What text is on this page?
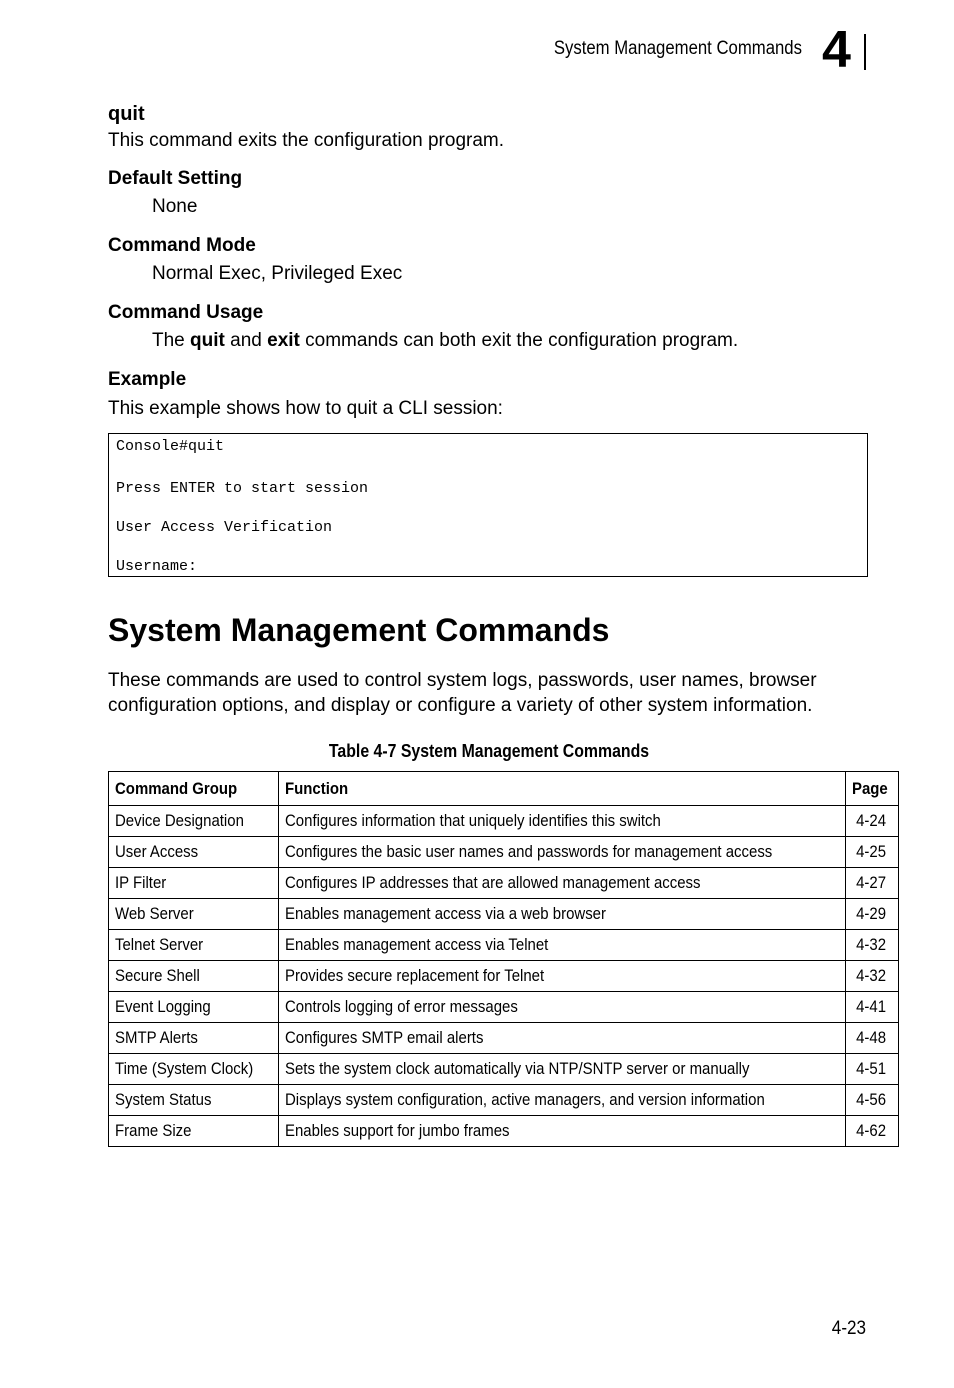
System Management Commands 4

quit

This command exits the configuration program.

Default Setting

None

Command Mode

Normal Exec, Privileged Exec

Command Usage

The quit and exit commands can both exit the configuration program.

Example

This example shows how to quit a CLI session:

Console#quit
Press ENTER to start session
User Access Verification
Username:
System Management Commands

These commands are used to control system logs, passwords, user names, browser configuration options, and display or configure a variety of other system information.

Table 4-7 System Management Commands

Command Group	Function	Page
Device Designation	Configures information that uniquely identifies this switch	4-24
User Access	Configures the basic user names and passwords for management access	4-25
IP Filter	Configures IP addresses that are allowed management access	4-27
Web Server	Enables management access via a web browser	4-29
Telnet Server	Enables management access via Telnet	4-32
Secure Shell	Provides secure replacement for Telnet	4-32
Event Logging	Controls logging of error messages	4-41
SMTP Alerts	Configures SMTP email alerts	4-48
Time (System Clock)	Sets the system clock automatically via NTP/SNTP server or manually	4-51
System Status	Displays system configuration, active managers, and version information	4-56
Frame Size	Enables support for jumbo frames	4-62
4-23
